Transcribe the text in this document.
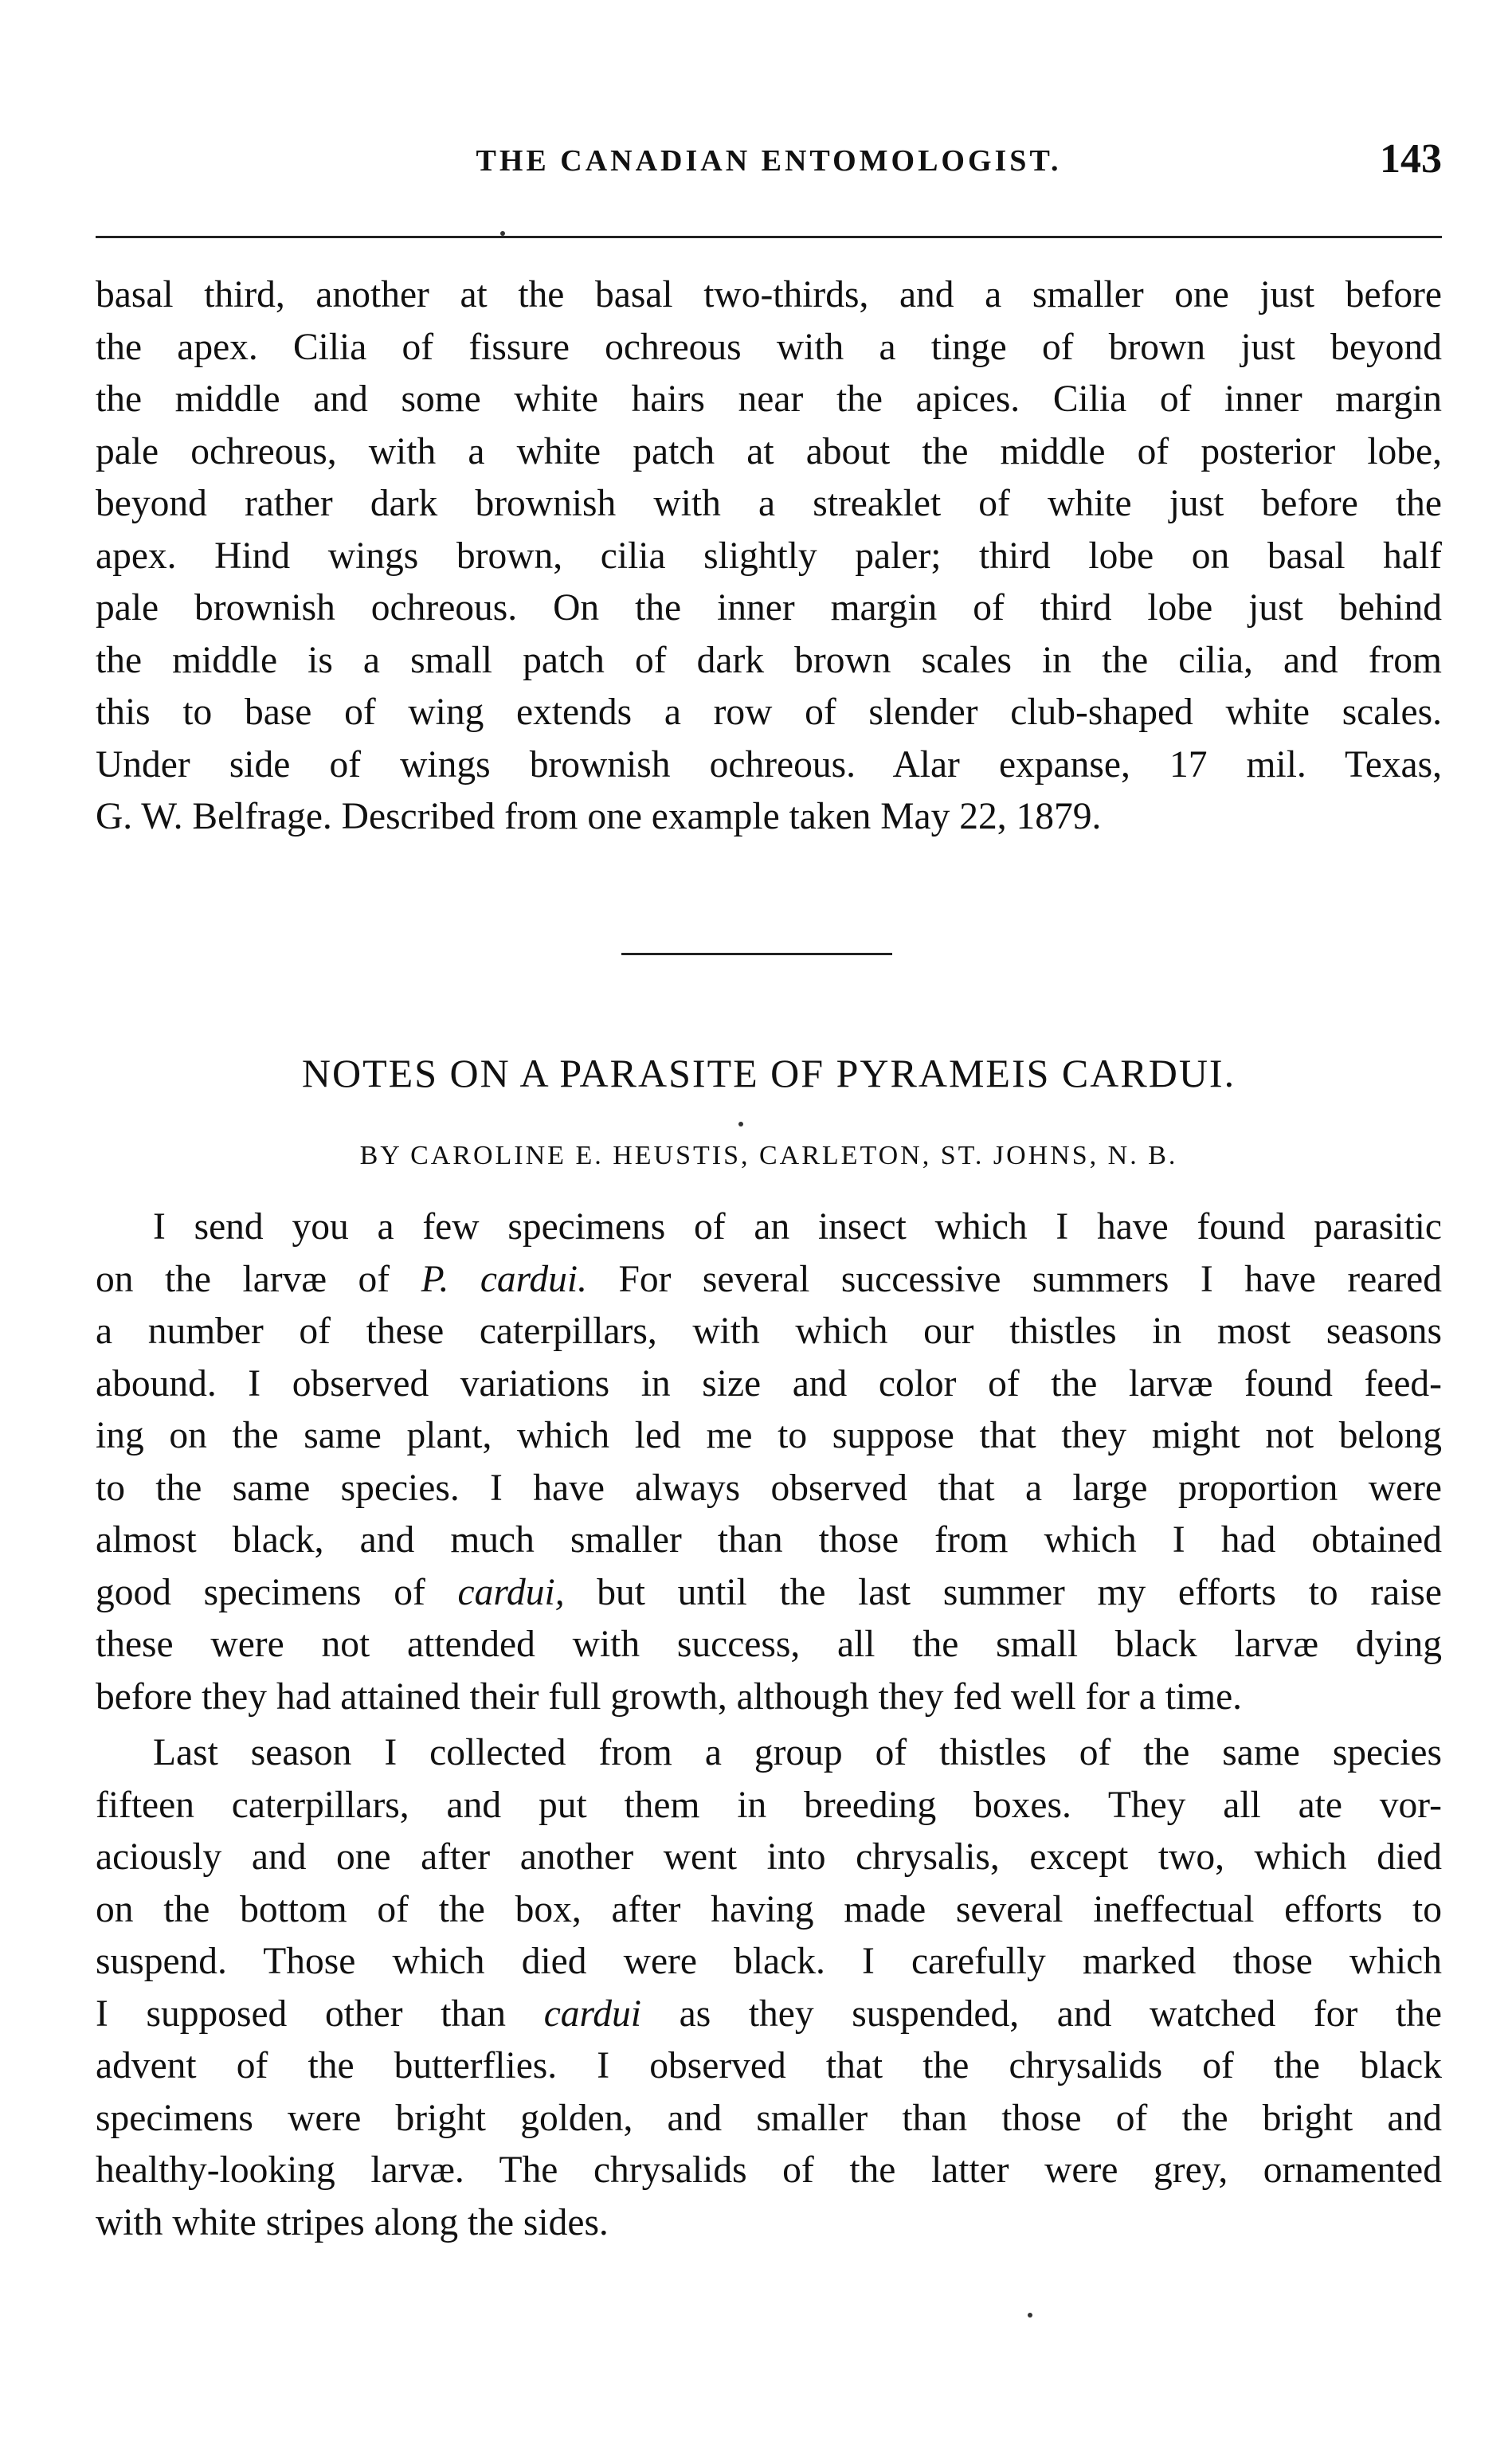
THE CANADIAN ENTOMOLOGIST.	143
basal third, another at the basal two-thirds, and a smaller one just before
the apex. Cilia of fissure ochreous with a tinge of brown just beyond
the middle and some white hairs near the apices. Cilia of inner margin
pale ochreous, with a white patch at about the middle of posterior lobe,
beyond rather dark brownish with a streaklet of white just before the
apex. Hind wings brown, cilia slightly paler; third lobe on basal half
pale brownish ochreous. On the inner margin of third lobe just behind
the middle is a small patch of dark brown scales in the cilia, and from
this to base of wing extends a row of slender club-shaped white scales.
Under side of wings brownish ochreous. Alar expanse, 17 mil. Texas,
G. W. Belfrage. Described from one example taken May 22, 1879.
NOTES ON A PARASITE OF PYRAMEIS CARDUI.
BY CAROLINE E. HEUSTIS, CARLETON, ST. JOHNS, N. B.
I send you a few specimens of an insect which I have found parasitic
on the larvæ of P. cardui. For several successive summers I have reared
a number of these caterpillars, with which our thistles in most seasons
abound. I observed variations in size and color of the larvæ found feed-
ing on the same plant, which led me to suppose that they might not belong
to the same species. I have always observed that a large proportion were
almost black, and much smaller than those from which I had obtained
good specimens of cardui, but until the last summer my efforts to raise
these were not attended with success, all the small black larvæ dying
before they had attained their full growth, although they fed well for a time.
Last season I collected from a group of thistles of the same species
fifteen caterpillars, and put them in breeding boxes. They all ate vor-
aciously and one after another went into chrysalis, except two, which died
on the bottom of the box, after having made several ineffectual efforts to
suspend. Those which died were black. I carefully marked those which
I supposed other than cardui as they suspended, and watched for the
advent of the butterflies. I observed that the chrysalids of the black
specimens were bright golden, and smaller than those of the bright and
healthy-looking larvæ. The chrysalids of the latter were grey, ornamented
with white stripes along the sides.
